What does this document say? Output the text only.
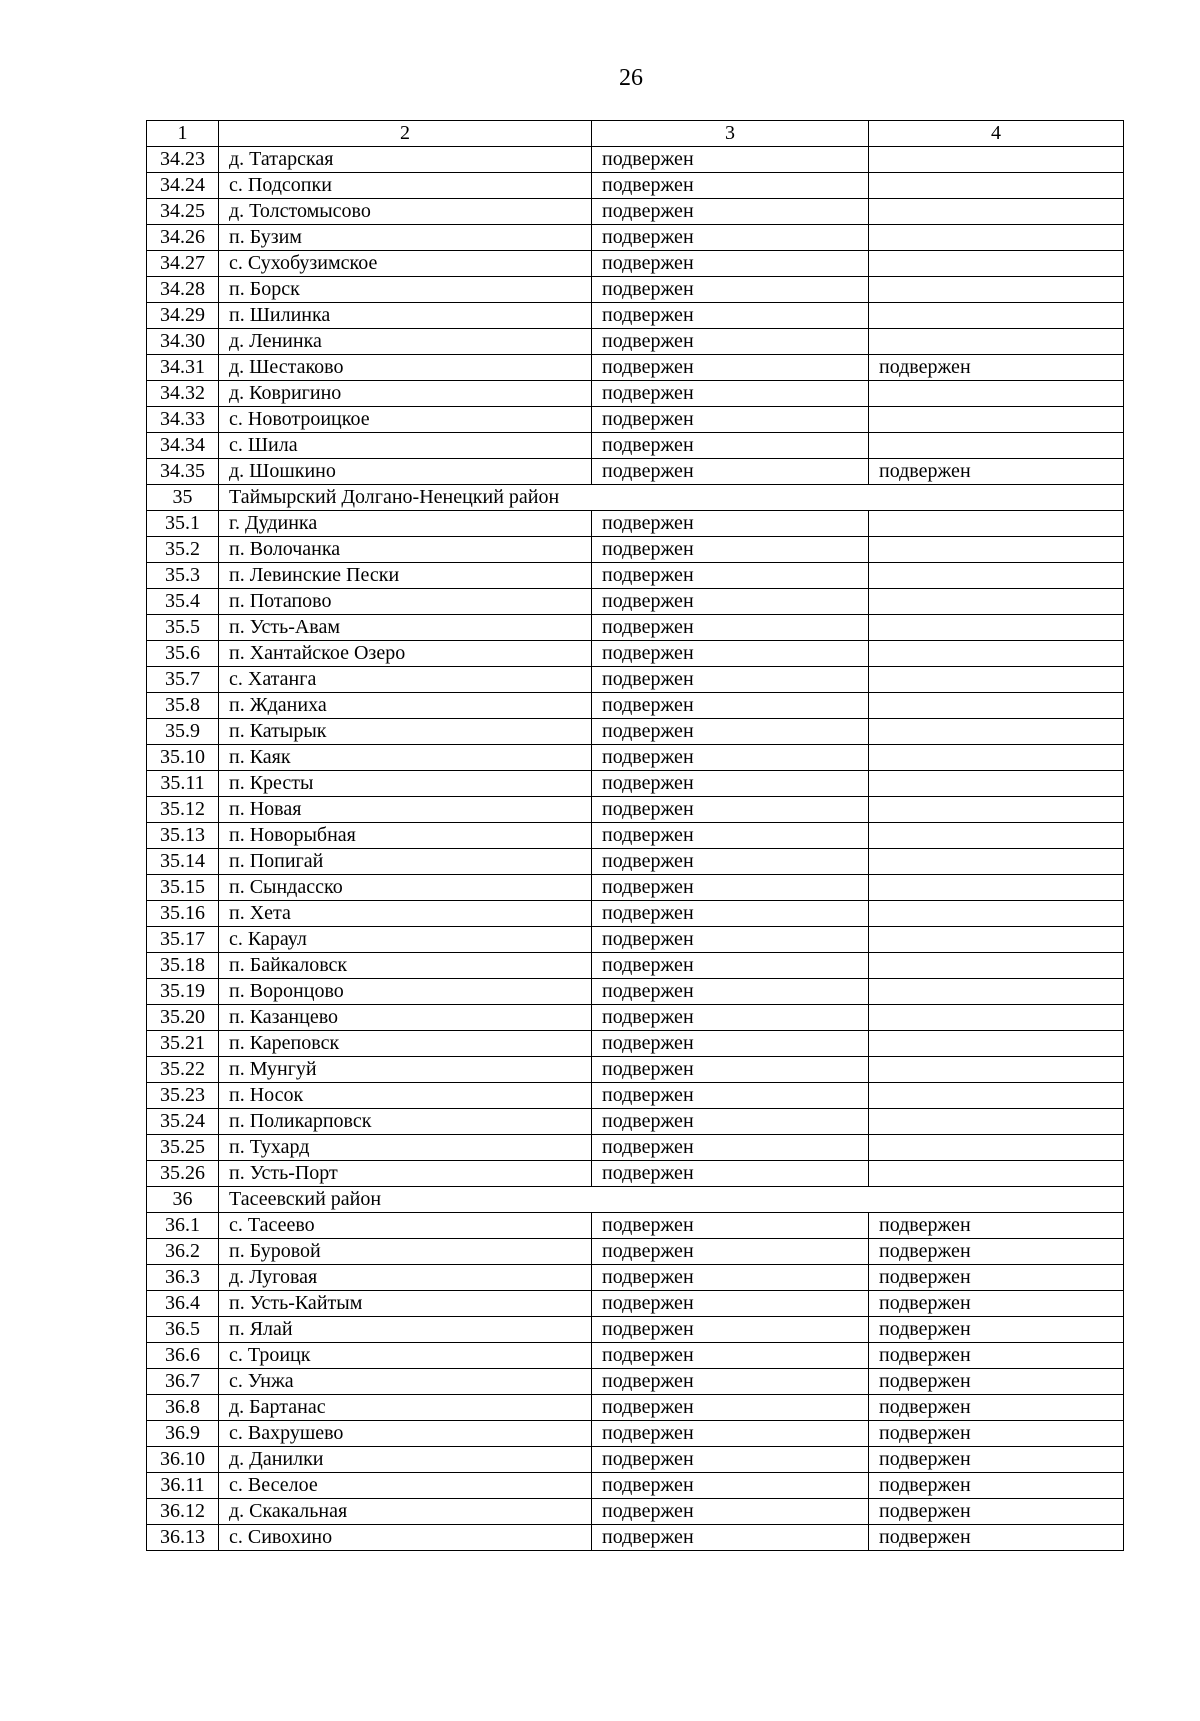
26
1	2	3	4
34.23	д. Татарская	подвержен	
34.24	с. Подсопки	подвержен	
34.25	д. Толстомысово	подвержен	
34.26	п. Бузим	подвержен	
34.27	с. Сухобузимское	подвержен	
34.28	п. Борск	подвержен	
34.29	п. Шилинка	подвержен	
34.30	д. Ленинка	подвержен	
34.31	д. Шестаково	подвержен	подвержен
34.32	д. Ковригино	подвержен	
34.33	с. Новотроицкое	подвержен	
34.34	с. Шила	подвержен	
34.35	д. Шошкино	подвержен	подвержен
35	Таймырский Долгано-Ненецкий район		
35.1	г. Дудинка	подвержен	
35.2	п. Волочанка	подвержен	
35.3	п. Левинские Пески	подвержен	
35.4	п. Потапово	подвержен	
35.5	п. Усть-Авам	подвержен	
35.6	п. Хантайское Озеро	подвержен	
35.7	с. Хатанга	подвержен	
35.8	п. Жданиха	подвержен	
35.9	п. Катырык	подвержен	
35.10	п. Каяк	подвержен	
35.11	п. Кресты	подвержен	
35.12	п. Новая	подвержен	
35.13	п. Новорыбная	подвержен	
35.14	п. Попигай	подвержен	
35.15	п. Сындасско	подвержен	
35.16	п. Хета	подвержен	
35.17	с. Караул	подвержен	
35.18	п. Байкаловск	подвержен	
35.19	п. Воронцово	подвержен	
35.20	п. Казанцево	подвержен	
35.21	п. Кареповск	подвержен	
35.22	п. Мунгуй	подвержен	
35.23	п. Носок	подвержен	
35.24	п. Поликарповск	подвержен	
35.25	п. Тухард	подвержен	
35.26	п. Усть-Порт	подвержен	
36	Тасеевский район		
36.1	с. Тасеево	подвержен	подвержен
36.2	п. Буровой	подвержен	подвержен
36.3	д. Луговая	подвержен	подвержен
36.4	п. Усть-Кайтым	подвержен	подвержен
36.5	п. Ялай	подвержен	подвержен
36.6	с. Троицк	подвержен	подвержен
36.7	с. Унжа	подвержен	подвержен
36.8	д. Бартанас	подвержен	подвержен
36.9	с. Вахрушево	подвержен	подвержен
36.10	д. Данилки	подвержен	подвержен
36.11	с. Веселое	подвержен	подвержен
36.12	д. Скакальная	подвержен	подвержен
36.13	с. Сивохино	подвержен	подвержен
